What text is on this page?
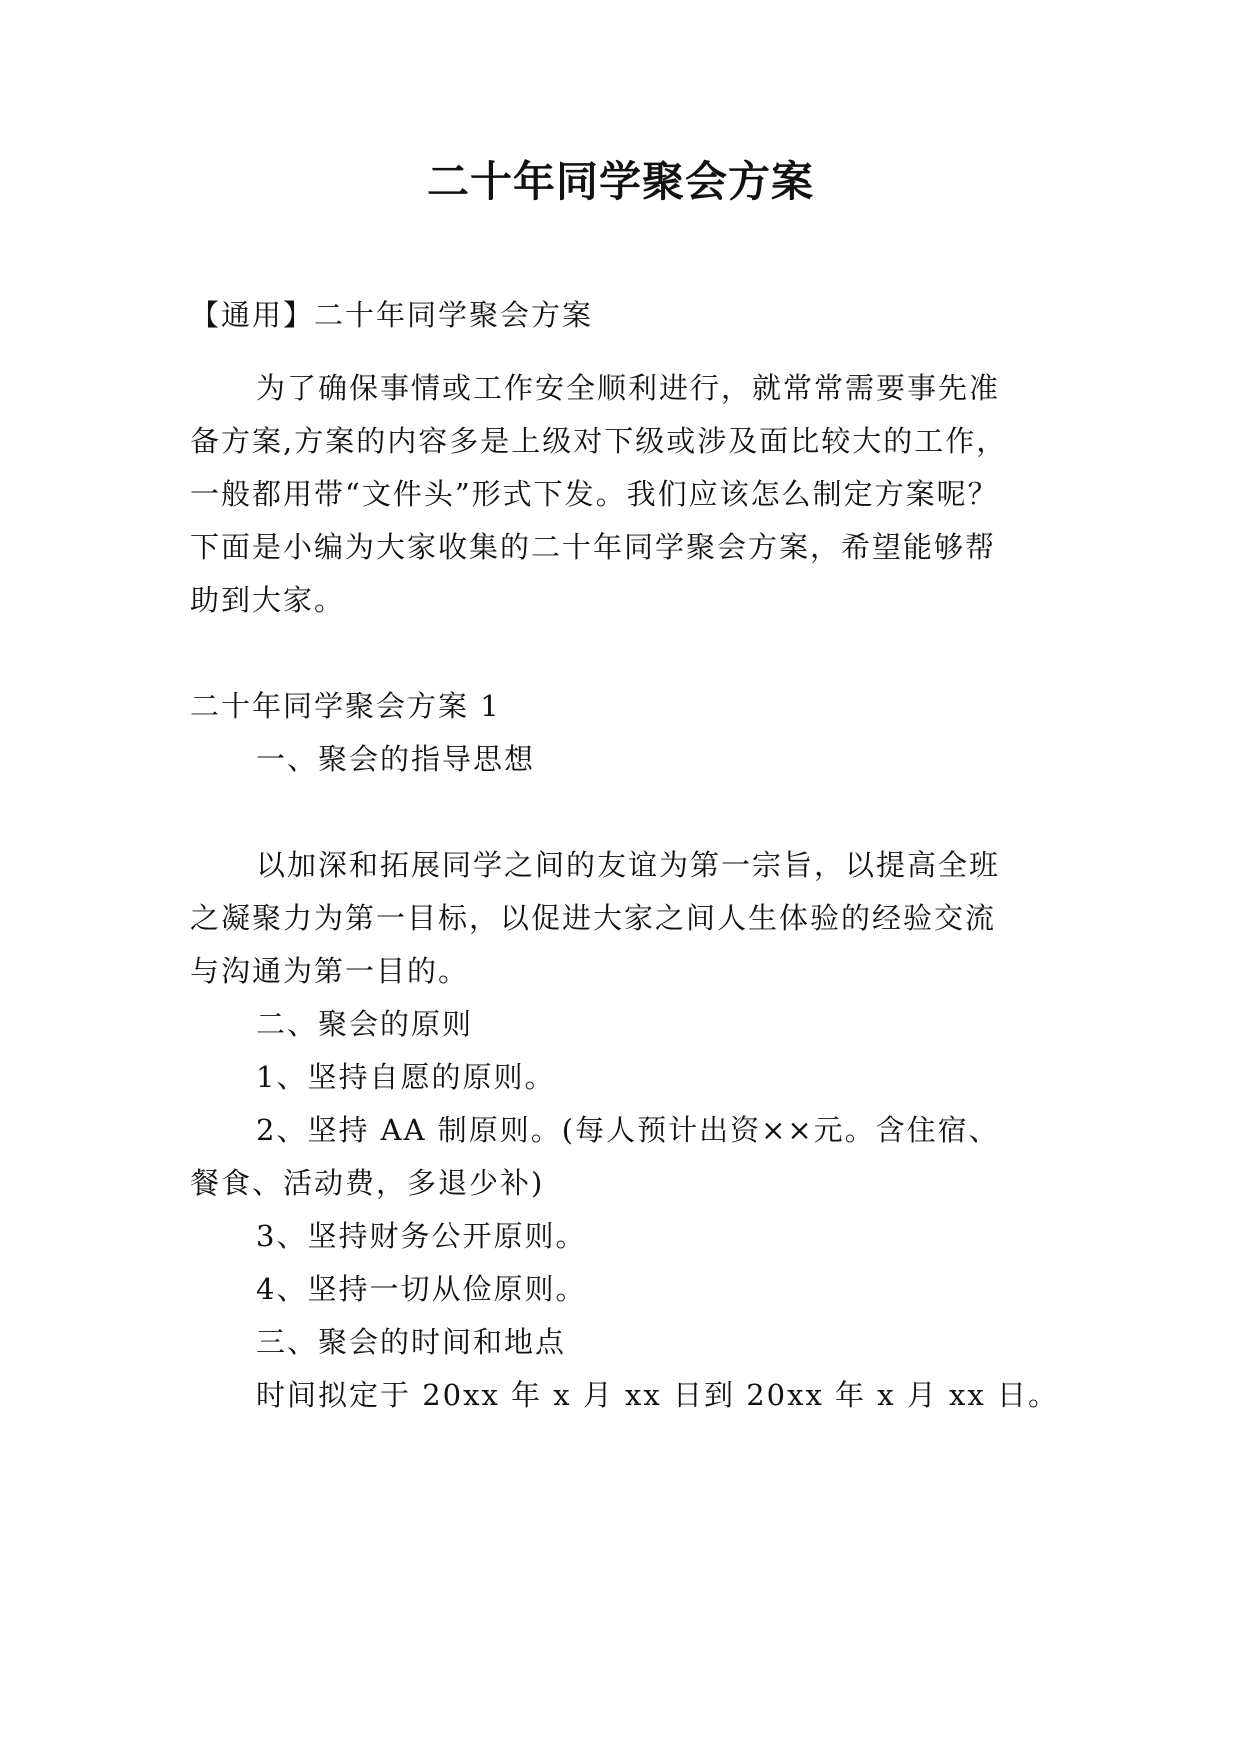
二十年同学聚会方案
【通用】二十年同学聚会方案
为了确保事情或工作安全顺利进行，就常常需要事先准
备方案,方案的内容多是上级对下级或涉及面比较大的工作，
一般都用带“文件头”形式下发。我们应该怎么制定方案呢？
下面是小编为大家收集的二十年同学聚会方案，希望能够帮
助到大家。
二十年同学聚会方案 1
一、聚会的指导思想
以加深和拓展同学之间的友谊为第一宗旨，以提高全班
之凝聚力为第一目标，以促进大家之间人生体验的经验交流
与沟通为第一目的。
二、聚会的原则
1、坚持自愿的原则。
2、坚持 AA 制原则。(每人预计出资××元。含住宿、
餐食、活动费，多退少补)
3、坚持财务公开原则。
4、坚持一切从俭原则。
三、聚会的时间和地点
时间拟定于 20xx 年 x 月 xx 日到 20xx 年 x 月 xx 日。
